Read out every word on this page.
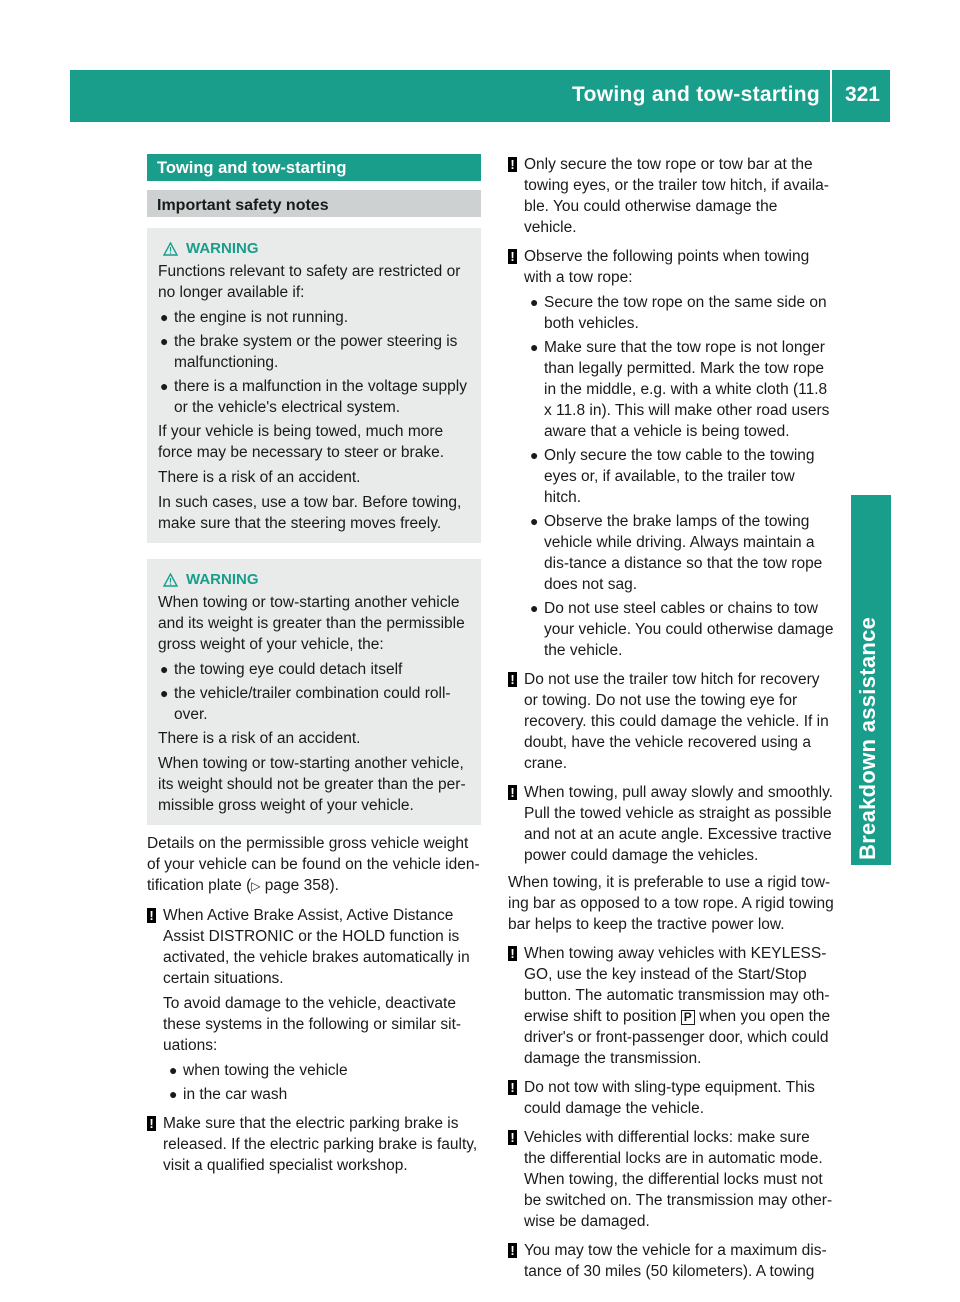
Towing and tow-starting 321
Breakdown assistance
Towing and tow-starting
Important safety notes
WARNING

Functions relevant to safety are restricted or no longer available if:

● the engine is not running.
● the brake system or the power steering is malfunctioning.
● there is a malfunction in the voltage supply or the vehicle's electrical system.

If your vehicle is being towed, much more force may be necessary to steer or brake.

There is a risk of an accident.

In such cases, use a tow bar. Before towing, make sure that the steering moves freely.

WARNING

When towing or tow-starting another vehicle and its weight is greater than the permissible gross weight of your vehicle, the:

● the towing eye could detach itself
● the vehicle/trailer combination could roll-over.

There is a risk of an accident.

When towing or tow-starting another vehicle, its weight should not be greater than the per-missible gross weight of your vehicle.

Details on the permissible gross vehicle weight of your vehicle can be found on the vehicle iden-tification plate (▷ page 358).

! When Active Brake Assist, Active Distance Assist DISTRONIC or the HOLD function is activated, the vehicle brakes automatically in certain situations.

To avoid damage to the vehicle, deactivate these systems in the following or similar sit-uations:

● when towing the vehicle
● in the car wash
! Make sure that the electric parking brake is released. If the electric parking brake is faulty, visit a qualified specialist workshop.

! Only secure the tow rope or tow bar at the towing eyes, or the trailer tow hitch, if availa-ble. You could otherwise damage the vehicle.

! Observe the following points when towing with a tow rope:

● Secure the tow rope on the same side on both vehicles.
● Make sure that the tow rope is not longer than legally permitted. Mark the tow rope in the middle, e.g. with a white cloth (11.8 x 11.8 in). This will make other road users aware that a vehicle is being towed.
● Only secure the tow cable to the towing eyes or, if available, to the trailer tow hitch.
● Observe the brake lamps of the towing vehicle while driving. Always maintain a dis-tance a distance so that the tow rope does not sag.
● Do not use steel cables or chains to tow your vehicle. You could otherwise damage the vehicle.
! Do not use the trailer tow hitch for recovery or towing. Do not use the towing eye for recovery. this could damage the vehicle. If in doubt, have the vehicle recovered using a crane.

! When towing, pull away slowly and smoothly. Pull the towed vehicle as straight as possible and not at an acute angle. Excessive tractive power could damage the vehicles.

When towing, it is preferable to use a rigid tow-ing bar as opposed to a tow rope. A rigid towing bar helps to keep the tractive power low.

! When towing away vehicles with KEYLESS-GO, use the key instead of the Start/Stop button. The automatic transmission may oth-erwise shift to position P when you open the driver's or front-passenger door, which could damage the transmission.

! Do not tow with sling-type equipment. This could damage the vehicle.

! Vehicles with differential locks: make sure the differential locks are in automatic mode. When towing, the differential locks must not be switched on. The transmission may other-wise be damaged.

! You may tow the vehicle for a maximum dis-tance of 30 miles (50 kilometers). A towing
